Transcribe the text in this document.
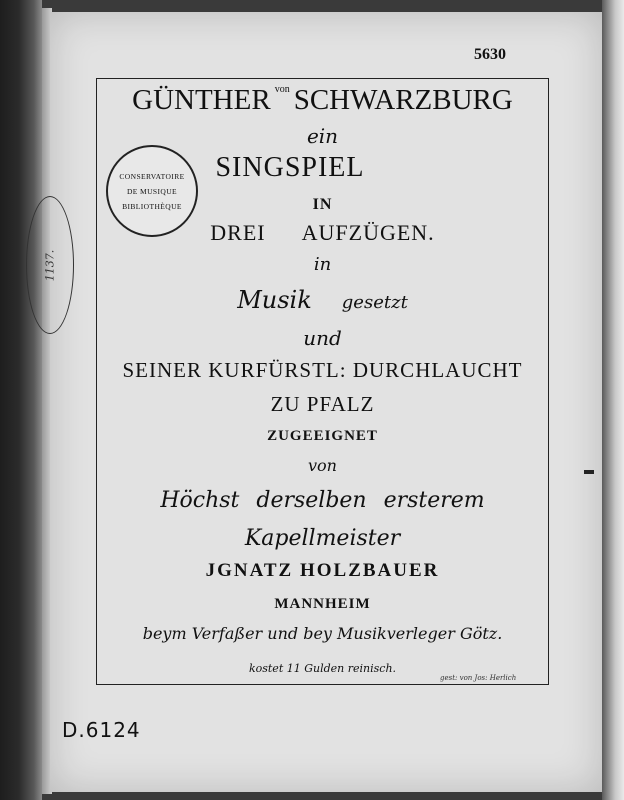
5630
1137.
CONSERVATOIRE
DE MUSIQUE
BIBLIOTHÈQUE
GÜNTHER $^{von}$ SCHWARZBURG
ein
SINGSPIEL
IN
DREI AUFZÜGEN.
in
Musik gesetzt
und
SEINER KURFÜRSTL: DURCHLAUCHT
ZU PFALZ
ZUGEEIGNET
von
Höchst derselben ersterem
Kapellmeister
JGNATZ HOLZBAUER
MANNHEIM
beym Verfaßer und bey Musikverleger Götz.
kostet 11 Gulden reinisch.
gest: von Jos: Herlich
D.6124
